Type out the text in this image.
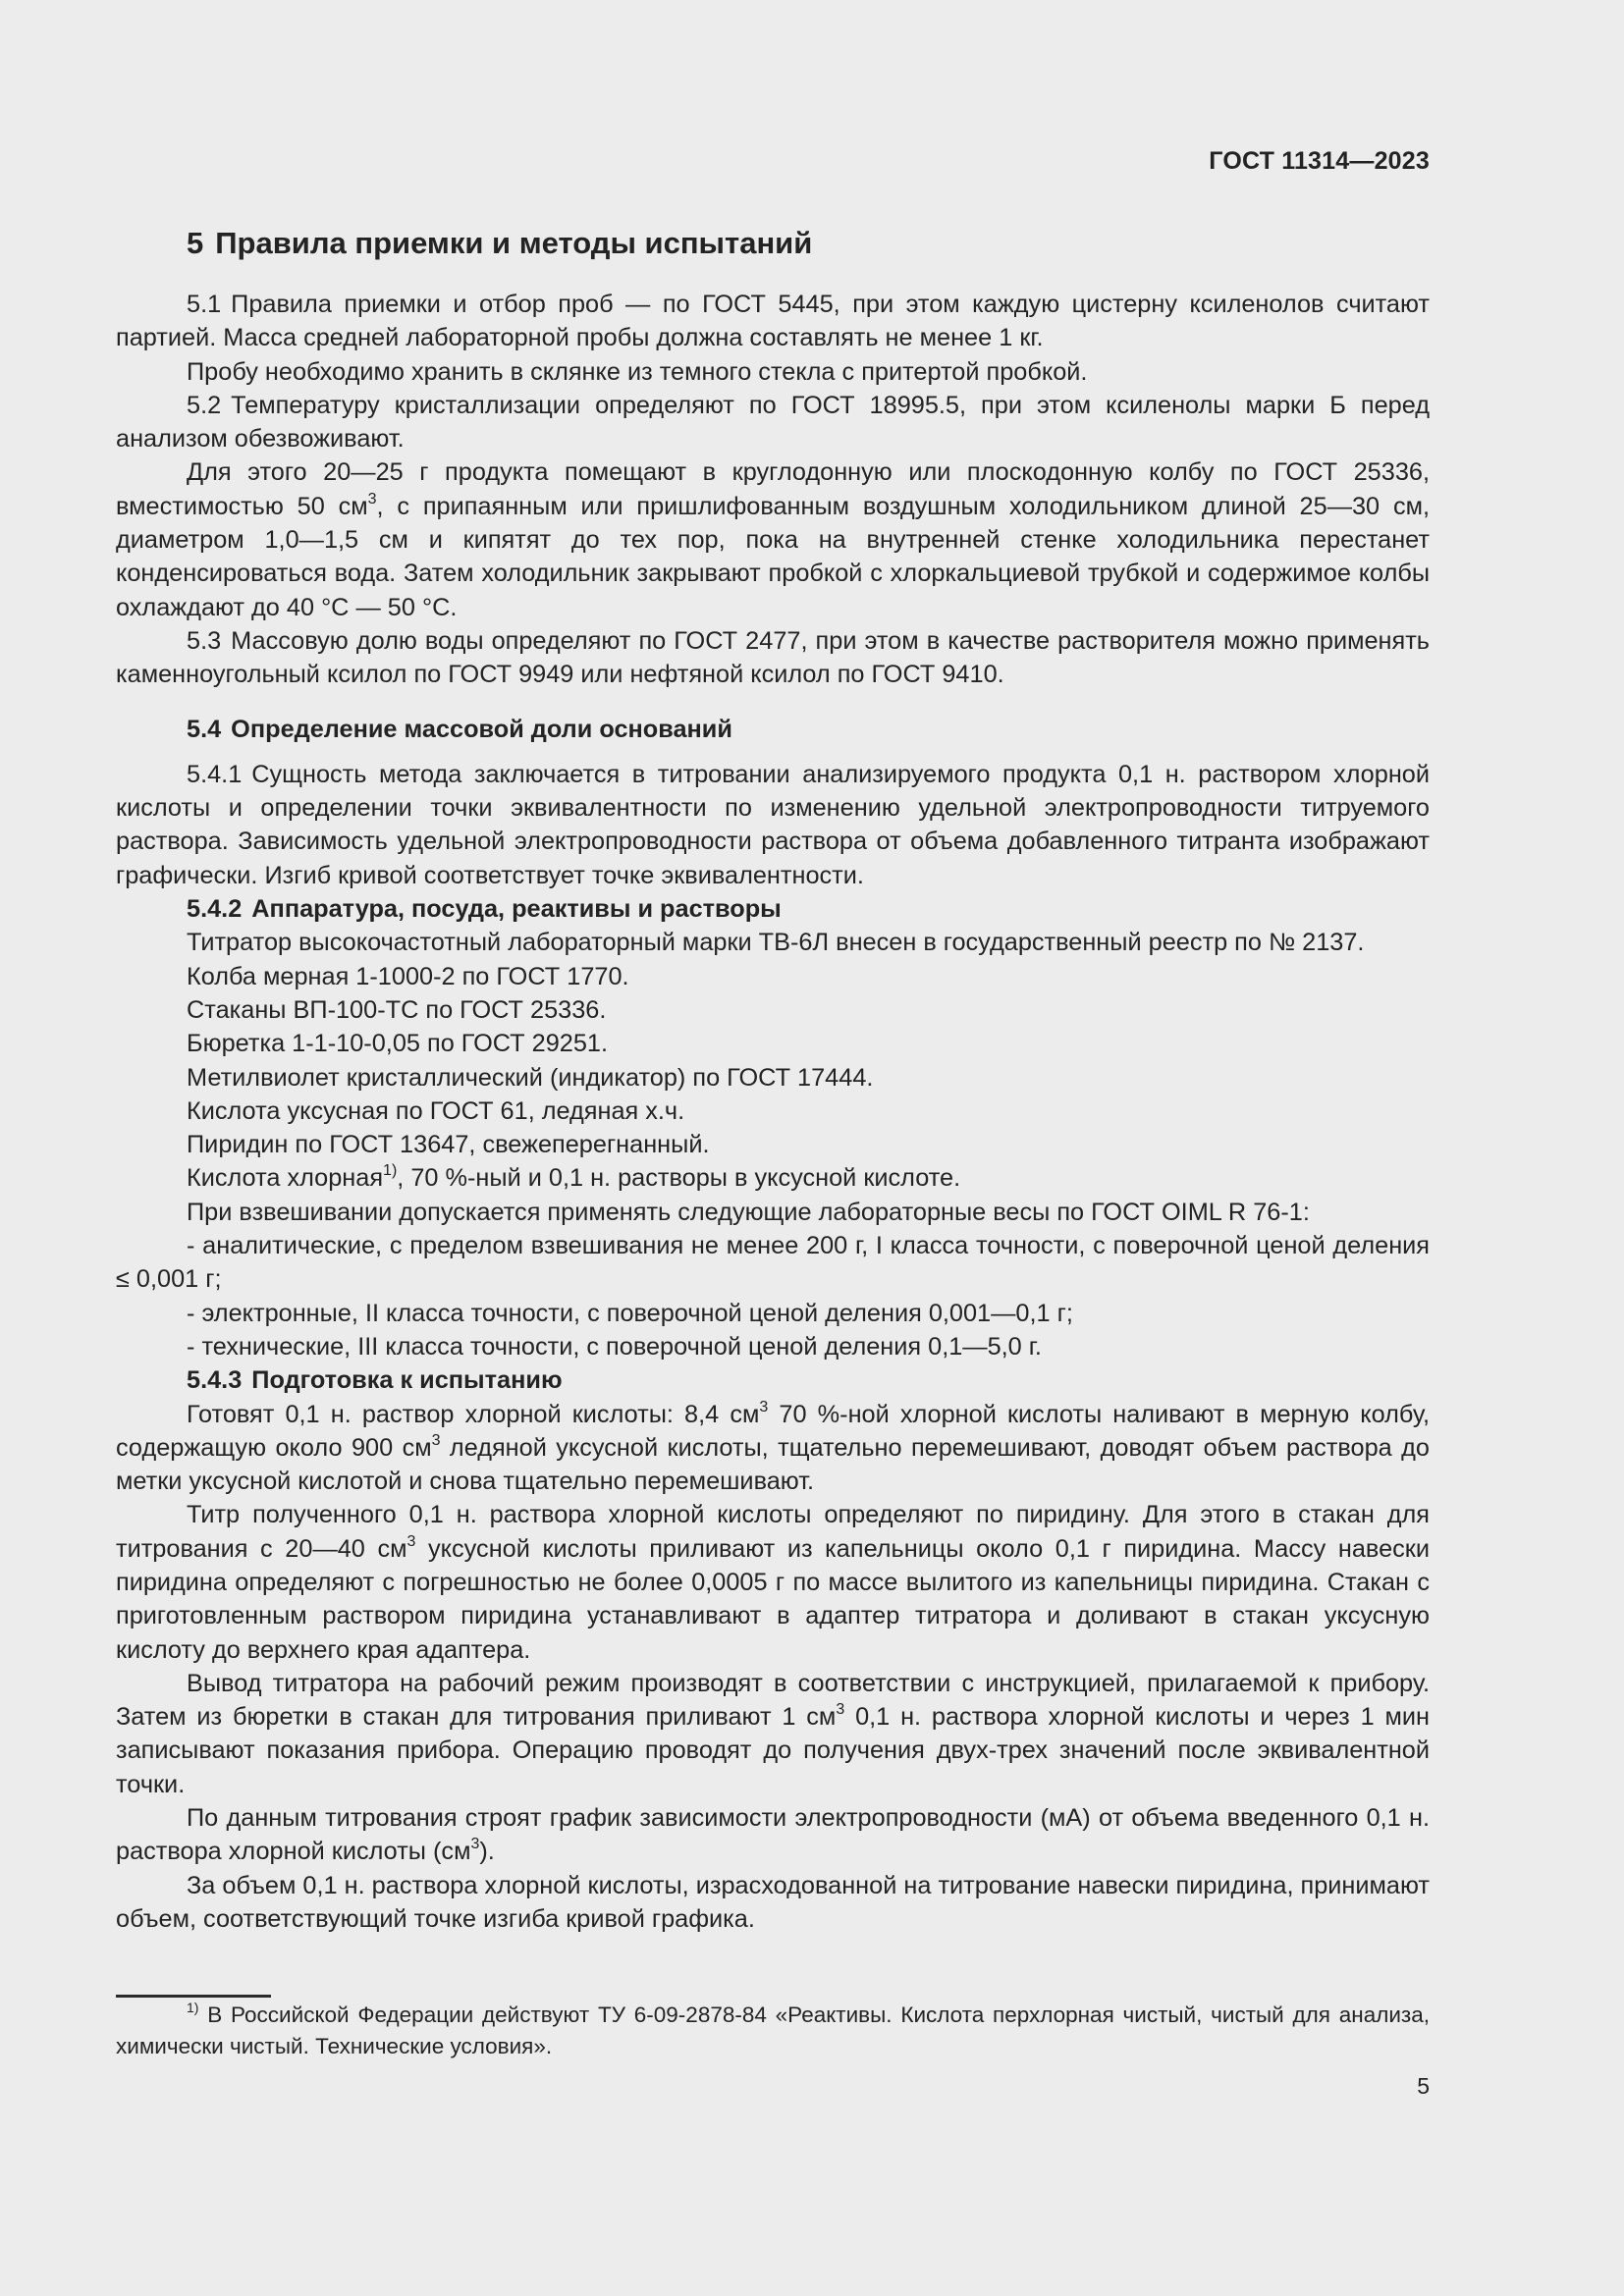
ГОСТ 11314—2023
5 Правила приемки и методы испытаний

5.1 Правила приемки и отбор проб — по ГОСТ 5445, при этом каждую цистерну ксиленолов считают партией. Масса средней лабораторной пробы должна составлять не менее 1 кг.

Пробу необходимо хранить в склянке из темного стекла с притертой пробкой.

5.2 Температуру кристаллизации определяют по ГОСТ 18995.5, при этом ксиленолы марки Б перед анализом обезвоживают.

Для этого 20—25 г продукта помещают в круглодонную или плоскодонную колбу по ГОСТ 25336, вместимостью 50 $см^3$, с припаянным или пришлифованным воздушным холодильником длиной 25—30 см, диаметром 1,0—1,5 см и кипятят до тех пор, пока на внутренней стенке холодильника перестанет конденсироваться вода. Затем холодильник закрывают пробкой с хлоркальциевой трубкой и содержимое колбы охлаждают до 40 °С — 50 °С.

5.3 Массовую долю воды определяют по ГОСТ 2477, при этом в качестве растворителя можно применять каменноугольный ксилол по ГОСТ 9949 или нефтяной ксилол по ГОСТ 9410.

5.4 Определение массовой доли оснований

5.4.1 Сущность метода заключается в титровании анализируемого продукта 0,1 н. раствором хлорной кислоты и определении точки эквивалентности по изменению удельной электропроводности титруемого раствора. Зависимость удельной электропроводности раствора от объема добавленного титранта изображают графически. Изгиб кривой соответствует точке эквивалентности.

5.4.2 Аппаратура, посуда, реактивы и растворы

Титратор высокочастотный лабораторный марки ТВ-6Л внесен в государственный реестр по № 2137.

Колба мерная 1-1000-2 по ГОСТ 1770.

Стаканы ВП-100-ТС по ГОСТ 25336.

Бюретка 1-1-10-0,05 по ГОСТ 29251.

Метилвиолет кристаллический (индикатор) по ГОСТ 17444.

Кислота уксусная по ГОСТ 61, ледяная х.ч.

Пиридин по ГОСТ 13647, свежеперегнанный.

Кислота хлорная$^{1)}$, 70 %-ный и 0,1 н. растворы в уксусной кислоте.

При взвешивании допускается применять следующие лабораторные весы по ГОСТ OIML R 76-1:

- аналитические, с пределом взвешивания не менее 200 г, I класса точности, с поверочной ценой деления ≤ 0,001 г;

- электронные, II класса точности, с поверочной ценой деления 0,001—0,1 г;

- технические, III класса точности, с поверочной ценой деления 0,1—5,0 г.

5.4.3 Подготовка к испытанию

Готовят 0,1 н. раствор хлорной кислоты: 8,4 $см^3$ 70 %-ной хлорной кислоты наливают в мерную колбу, содержащую около 900 $см^3$ ледяной уксусной кислоты, тщательно перемешивают, доводят объем раствора до метки уксусной кислотой и снова тщательно перемешивают.

Титр полученного 0,1 н. раствора хлорной кислоты определяют по пиридину. Для этого в стакан для титрования с 20—40 $см^3$ уксусной кислоты приливают из капельницы около 0,1 г пиридина. Массу навески пиридина определяют с погрешностью не более 0,0005 г по массе вылитого из капельницы пиридина. Стакан с приготовленным раствором пиридина устанавливают в адаптер титратора и доливают в стакан уксусную кислоту до верхнего края адаптера.

Вывод титратора на рабочий режим производят в соответствии с инструкцией, прилагаемой к прибору. Затем из бюретки в стакан для титрования приливают 1 $см^3$ 0,1 н. раствора хлорной кислоты и через 1 мин записывают показания прибора. Операцию проводят до получения двух-трех значений после эквивалентной точки.

По данным титрования строят график зависимости электропроводности (мА) от объема введенного 0,1 н. раствора хлорной кислоты $(см^3)$.

За объем 0,1 н. раствора хлорной кислоты, израсходованной на титрование навески пиридина, принимают объем, соответствующий точке изгиба кривой графика.

$^{1)}$ В Российской Федерации действуют ТУ 6-09-2878-84 «Реактивы. Кислота перхлорная чистый, чистый для анализа, химически чистый. Технические условия».

5
